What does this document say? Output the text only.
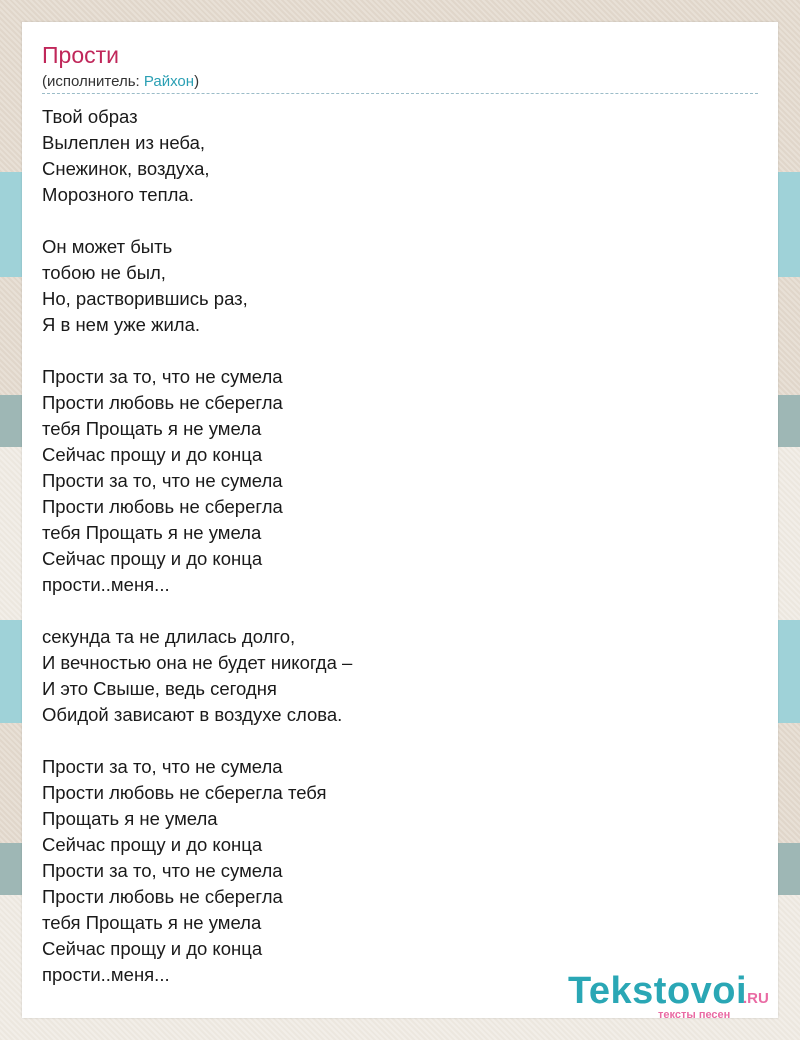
Прости
(исполнитель: Райхон)
Твой образ
Вылеплен из неба,
Снежинок, воздуха,
Морозного тепла.
Он может быть
тобою не был,
Но, растворившись раз,
Я в нем уже жила.
Прости за то, что не сумела
Прости любовь не сберегла
тебя Прощать я не умела
Сейчас прощу и до конца
Прости за то, что не сумела
Прости любовь не сберегла
тебя Прощать я не умела
Сейчас прощу и до конца
прости..меня...
секунда та не длилась долго,
И вечностью она не будет никогда –
И это Свыше, ведь сегодня
Обидой зависают в воздухе слова.
Прости за то, что не сумела
Прости любовь не сберегла тебя
Прощать я не умела
Сейчас прощу и до конца
Прости за то, что не сумела
Прости любовь не сберегла
тебя Прощать я не умела
Сейчас прощу и до конца
прости..меня...	Tekstovoi
.RU
тексты песен
